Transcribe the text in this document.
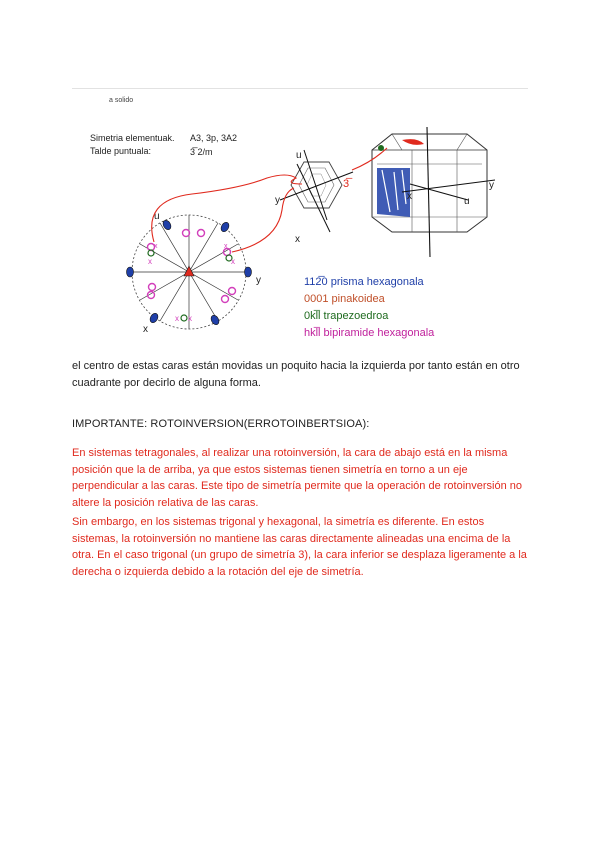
a solido
Simetria elementuak. A3, 3p, 3A2
Talde puntuala:	3̅ 2/m
x	x
x x
x	x
u
y
x
u
y
x
3̅
x
y
u
112̅0 prisma hexagonala
0001 pinakoidea
0kl̅l trapezoedroa
hkl̅l bipiramide hexagonala

el centro de estas caras están movidas un poquito hacia la izquierda por tanto están en otro cuadrante por decirlo de alguna forma.

IMPORTANTE: ROTOINVERSION(ERROTOINBERTSIOA):

En sistemas tetragonales, al realizar una rotoinversión, la cara de abajo está en la misma posición que la de arriba, ya que estos sistemas tienen simetría en torno a un eje perpendicular a las caras. Este tipo de simetría permite que la operación de rotoinversión no altere la posición relativa de las caras.

Sin embargo, en los sistemas trigonal y hexagonal, la simetría es diferente. En estos sistemas, la rotoinversión no mantiene las caras directamente alineadas una encima de la otra. En el caso trigonal (un grupo de simetría 3), la cara inferior se desplaza ligeramente a la derecha o izquierda debido a la rotación del eje de simetría.
